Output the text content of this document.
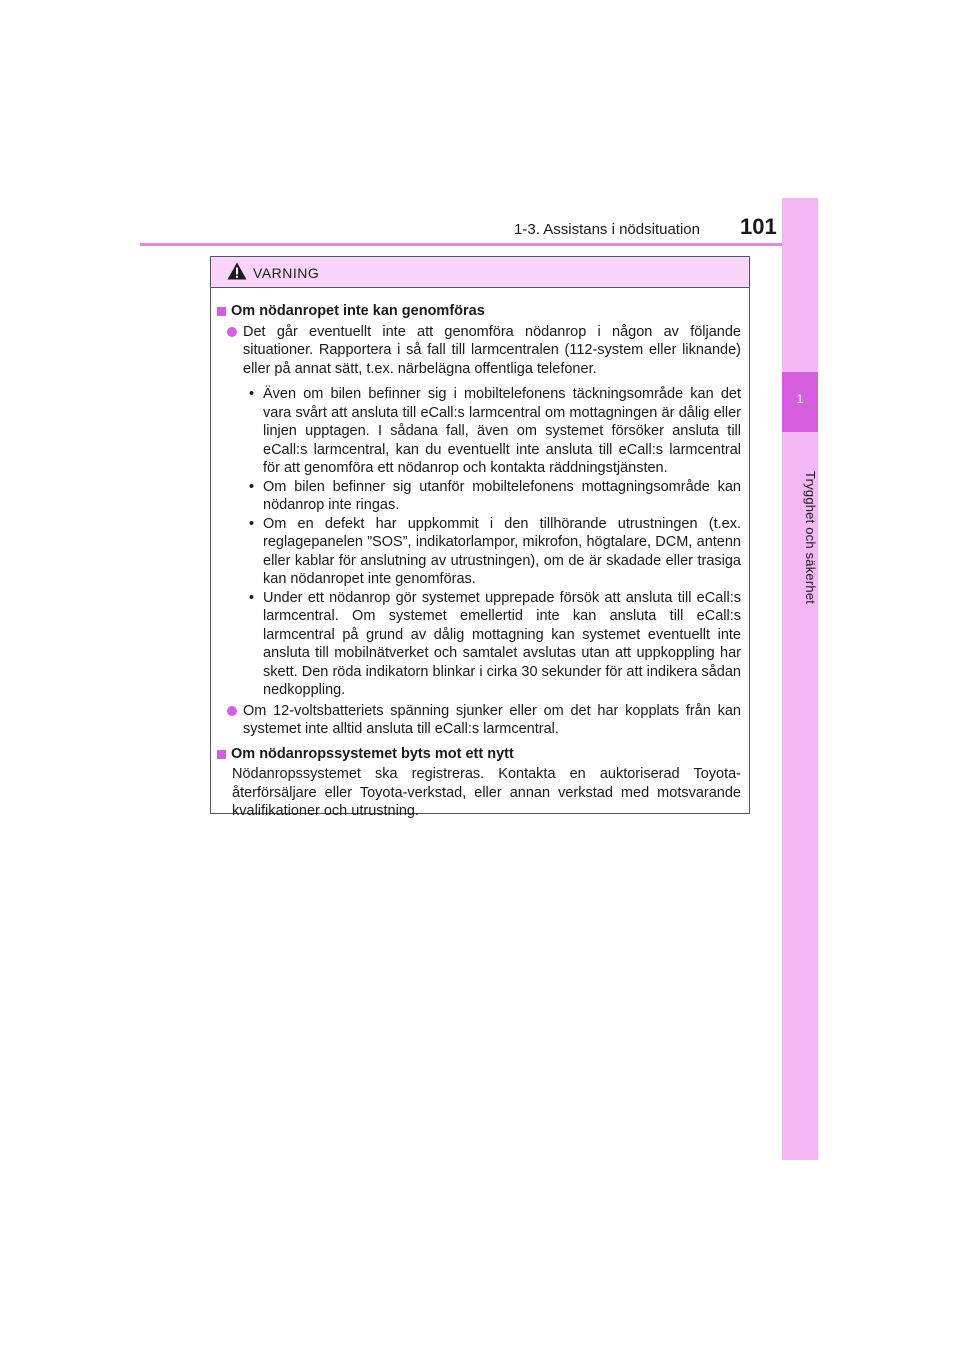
1-3. Assistans i nödsituation 101
1
Trygghet och säkerhet
VARNING
Om nödanropet inte kan genomföras
Det går eventuellt inte att genomföra nödanrop i någon av följande situationer. Rapportera i så fall till larmcentralen (112-system eller liknande) eller på annat sätt, t.ex. närbelägna offentliga telefoner.
• Även om bilen befinner sig i mobiltelefonens täckningsområde kan det vara svårt att ansluta till eCall:s larmcentral om mottagningen är dålig eller linjen upptagen. I sådana fall, även om systemet försöker ansluta till eCall:s larmcentral, kan du eventuellt inte ansluta till eCall:s larmcentral för att genomföra ett nödanrop och kontakta räddningstjänsten.
• Om bilen befinner sig utanför mobiltelefonens mottagningsområde kan nödanrop inte ringas.
• Om en defekt har uppkommit i den tillhörande utrustningen (t.ex. reglagepanelen ”SOS”, indikatorlampor, mikrofon, högtalare, DCM, antenn eller kablar för anslutning av utrustningen), om de är skadade eller trasiga kan nödanropet inte genomföras.
• Under ett nödanrop gör systemet upprepade försök att ansluta till eCall:s larmcentral. Om systemet emellertid inte kan ansluta till eCall:s larmcentral på grund av dålig mottagning kan systemet eventuellt inte ansluta till mobilnätverket och samtalet avslutas utan att uppkoppling har skett. Den röda indikatorn blinkar i cirka 30 sekunder för att indikera sådan nedkoppling.
Om 12-voltsbatteriets spänning sjunker eller om det har kopplats från kan systemet inte alltid ansluta till eCall:s larmcentral.
Om nödanropssystemet byts mot ett nytt
Nödanropssystemet ska registreras. Kontakta en auktoriserad Toyota-återförsäljare eller Toyota-verkstad, eller annan verkstad med motsvarande kvalifikationer och utrustning.
